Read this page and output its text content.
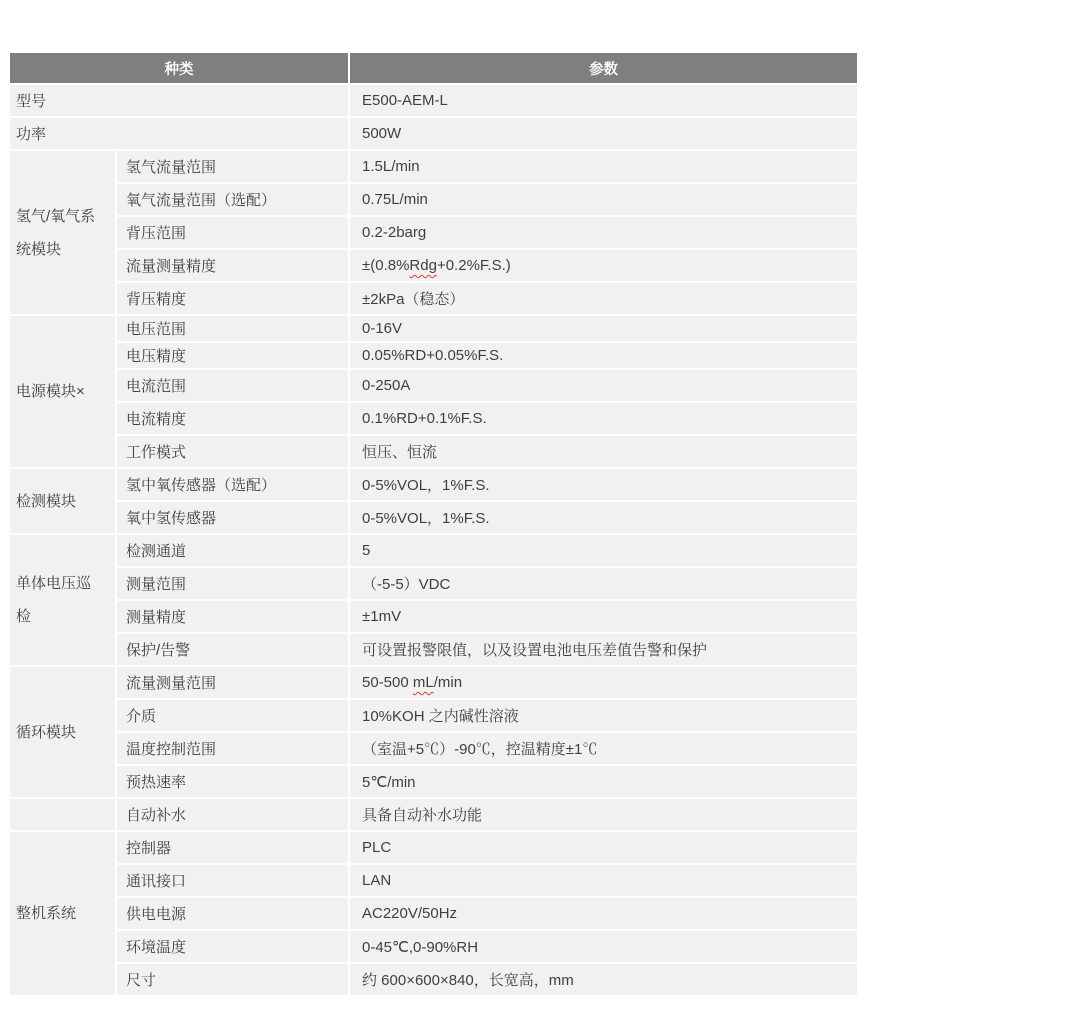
种类		参数
型号		E500-AEM-L
功率		500W
氢气/氧气系统模块	氢气流量范围	1.5L/min
	氧气流量范围（选配）	0.75L/min
	背压范围	0.2-2barg
	流量测量精度	±(0.8%Rdg+0.2%F.S.)
	背压精度	±2kPa（稳态）
电源模块×	电压范围	0-16V
	电压精度	0.05%RD+0.05%F.S.
	电流范围	0-250A
	电流精度	0.1%RD+0.1%F.S.
	工作模式	恒压、恒流
检测模块	氢中氧传感器（选配）	0-5%VOL，1%F.S.
	氧中氢传感器	0-5%VOL，1%F.S.
单体电压巡检	检测通道	5
	测量范围	（-5-5）VDC
	测量精度	±1mV
	保护/告警	可设置报警限值，以及设置电池电压差值告警和保护
循环模块	流量测量范围	50-500 mL/min
	介质	10%KOH 之内碱性溶液
	温度控制范围	（室温+5℃）-90℃，控温精度±1℃
	预热速率	5℃/min
	自动补水	具备自动补水功能
整机系统	控制器	PLC
	通讯接口	LAN
	供电电源	AC220V/50Hz
	环境温度	0-45℃,0-90%RH
	尺寸	约 600×600×840，长宽高，mm
